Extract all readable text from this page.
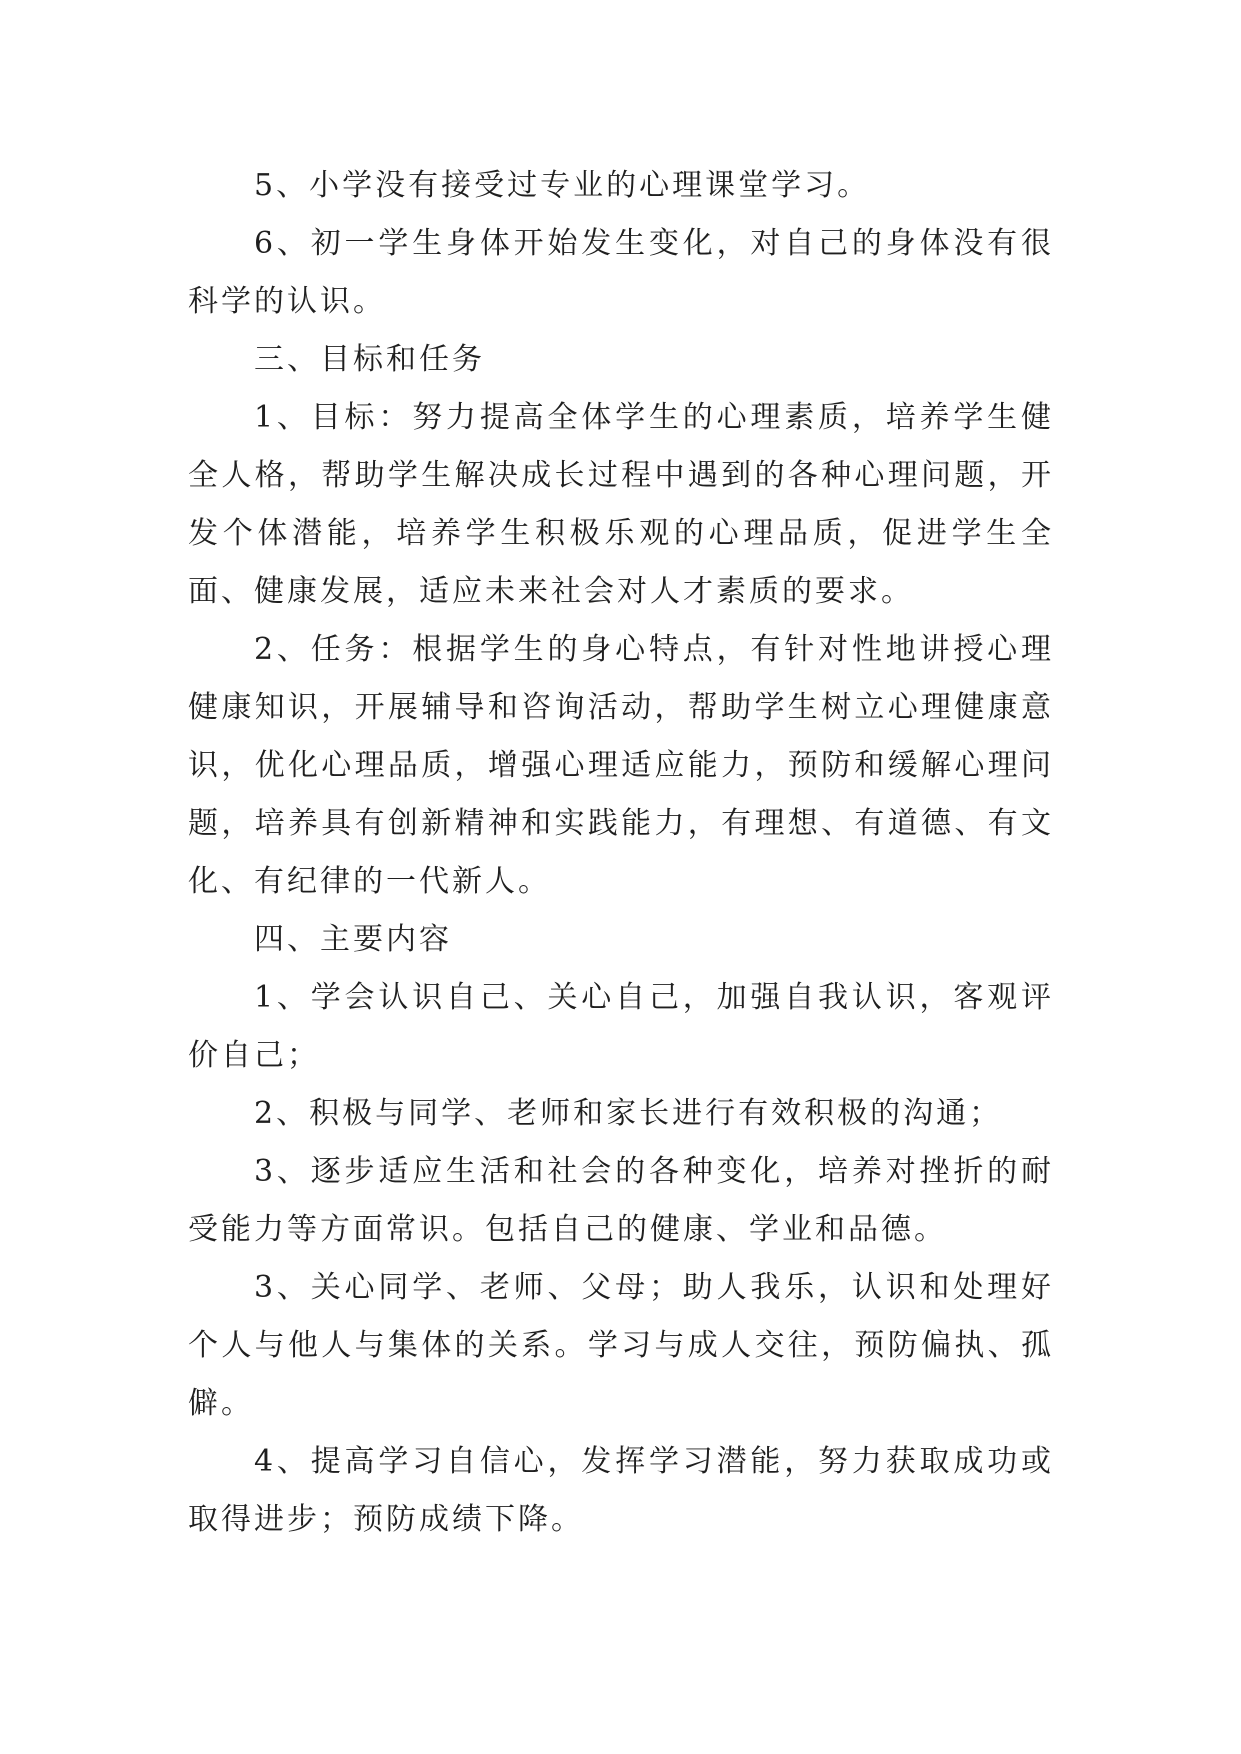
5、小学没有接受过专业的心理课堂学习。

6、初一学生身体开始发生变化，对自己的身体没有很科学的认识。

三、目标和任务

1、目标：努力提高全体学生的心理素质，培养学生健全人格，帮助学生解决成长过程中遇到的各种心理问题，开发个体潜能，培养学生积极乐观的心理品质，促进学生全面、健康发展，适应未来社会对人才素质的要求。

2、任务：根据学生的身心特点，有针对性地讲授心理健康知识，开展辅导和咨询活动，帮助学生树立心理健康意识，优化心理品质，增强心理适应能力，预防和缓解心理问题，培养具有创新精神和实践能力，有理想、有道德、有文化、有纪律的一代新人。

四、主要内容

1、学会认识自己、关心自己，加强自我认识，客观评价自己；

2、积极与同学、老师和家长进行有效积极的沟通；

3、逐步适应生活和社会的各种变化，培养对挫折的耐受能力等方面常识。包括自己的健康、学业和品德。

3、关心同学、老师、父母；助人我乐，认识和处理好个人与他人与集体的关系。学习与成人交往，预防偏执、孤僻。

4、提高学习自信心，发挥学习潜能，努力获取成功或取得进步；预防成绩下降。
